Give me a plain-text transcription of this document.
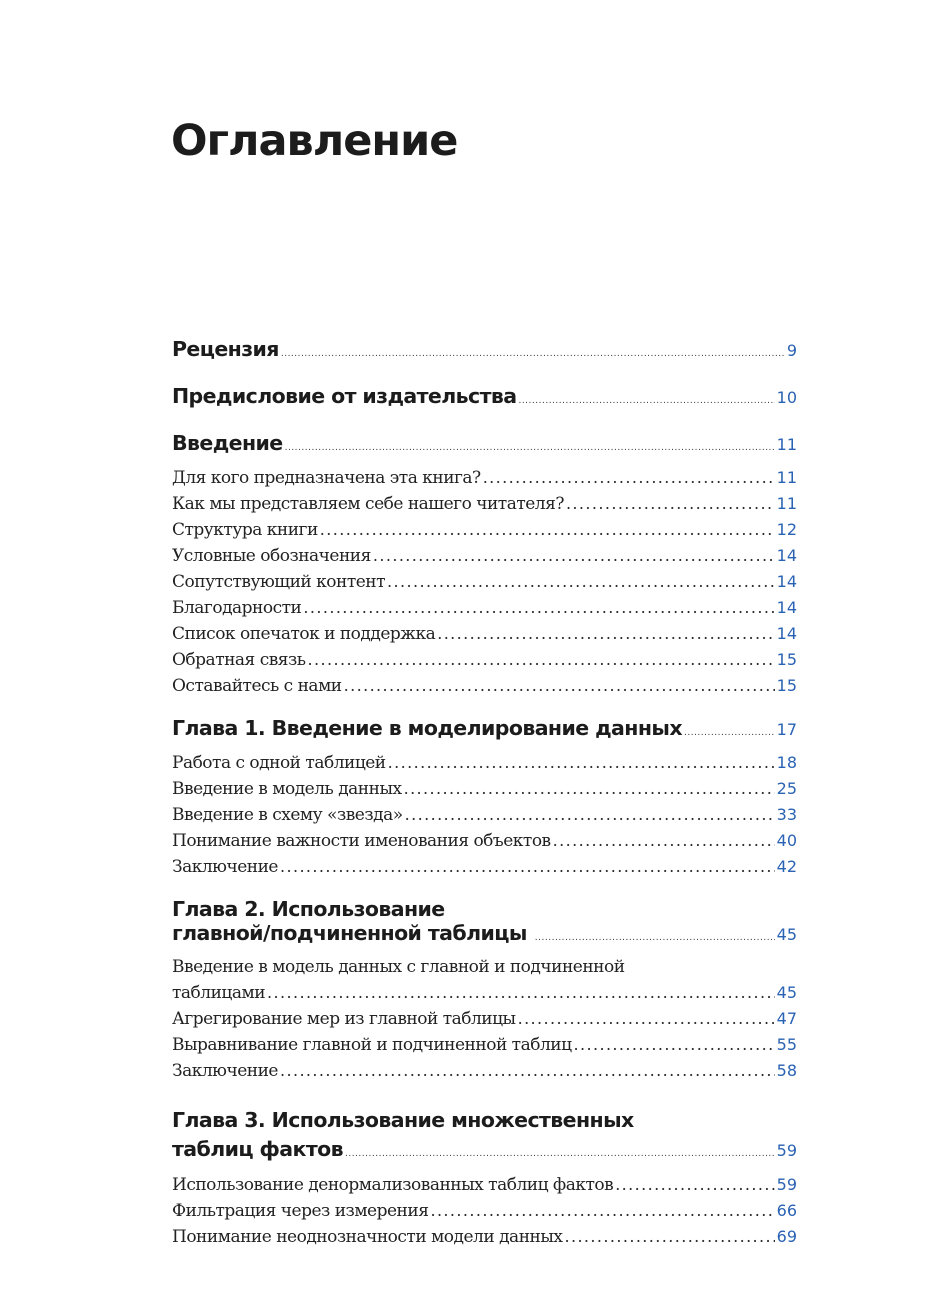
Оглавление
Рецензия .....	9
Предисловие от издательства .....	10
Введение .....	11
Для кого предназначена эта книга? .....	11
Как мы представляем себе нашего читателя? .....	11
Структура книги .....	12
Условные обозначения .....	14
Сопутствующий контент .....	14
Благодарности .....	14
Список опечаток и поддержка .....	14
Обратная связь .....	15
Оставайтесь с нами .....	15
Глава 1. Введение в моделирование данных .....	17
Работа с одной таблицей .....	18
Введение в модель данных .....	25
Введение в схему «звезда» .....	33
Понимание важности именования объектов .....	40
Заключение .....	42
Глава 2. Использование
главной/подчиненной таблицы .....	45
Введение в модель данных с главной и подчиненной
таблицами .....	45
Агрегирование мер из главной таблицы .....	47
Выравнивание главной и подчиненной таблиц .....	55
Заключение .....	58
Глава 3. Использование множественных
таблиц фактов .....	59
Использование денормализованных таблиц фактов .....	59
Фильтрация через измерения .....	66
Понимание неоднозначности модели данных .....	69
